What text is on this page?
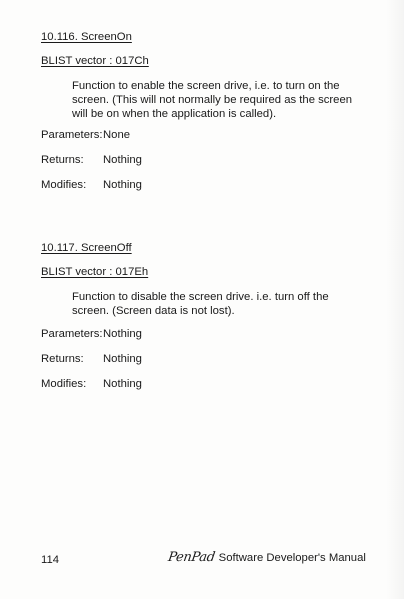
10.116. ScreenOn
BLIST vector : 017Ch
Function to enable the screen drive, i.e. to turn on the
screen. (This will not normally be required as the screen
will be on when the application is called).
Parameters: None
Returns: Nothing
Modifies: Nothing
10.117. ScreenOff
BLIST vector : 017Eh
Function to disable the screen drive. i.e. turn off the
screen. (Screen data is not lost).
Parameters: Nothing
Returns: Nothing
Modifies: Nothing
114	PenPad Software Developer's Manual
